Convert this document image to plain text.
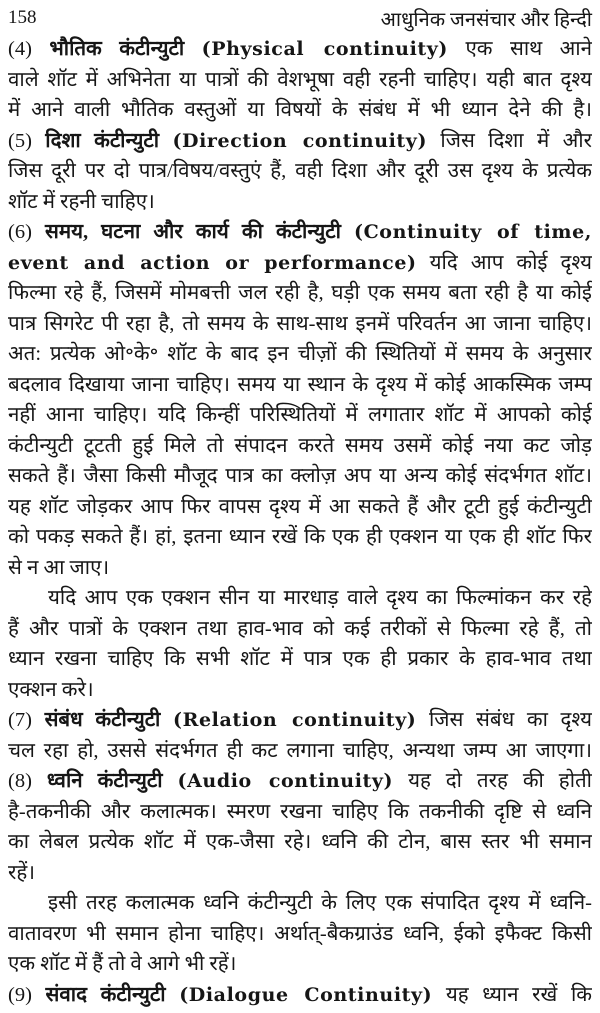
158	आधुनिक जनसंचार और हिन्दी
(4) भौतिक कंटीन्युटी (Physical continuity) एक साथ आने
वाले शॉट में अभिनेता या पात्रों की वेशभूषा वही रहनी चाहिए। यही बात दृश्य
में आने वाली भौतिक वस्तुओं या विषयों के संबंध में भी ध्यान देने की है।
(5) दिशा कंटीन्युटी (Direction continuity) जिस दिशा में और
जिस दूरी पर दो पात्र/विषय/वस्तुएं हैं, वही दिशा और दूरी उस दृश्य के प्रत्येक
शॉट में रहनी चाहिए।
(6) समय, घटना और कार्य की कंटीन्युटी (Continuity of time,
event and action or performance) यदि आप कोई दृश्य
फिल्मा रहे हैं, जिसमें मोमबत्ती जल रही है, घड़ी एक समय बता रही है या कोई
पात्र सिगरेट पी रहा है, तो समय के साथ-साथ इनमें परिवर्तन आ जाना चाहिए।
अत: प्रत्येक ओ॰के॰ शॉट के बाद इन चीज़ों की स्थितियों में समय के अनुसार
बदलाव दिखाया जाना चाहिए। समय या स्थान के दृश्य में कोई आकस्मिक जम्प
नहीं आना चाहिए। यदि किन्हीं परिस्थितियों में लगातार शॉट में आपको कोई
कंटीन्युटी टूटती हुई मिले तो संपादन करते समय उसमें कोई नया कट जोड़
सकते हैं। जैसा किसी मौजूद पात्र का क्लोज़ अप या अन्य कोई संदर्भगत शॉट।
यह शॉट जोड़कर आप फिर वापस दृश्य में आ सकते हैं और टूटी हुई कंटीन्युटी
को पकड़ सकते हैं। हां, इतना ध्यान रखें कि एक ही एक्शन या एक ही शॉट फिर
से न आ जाए।
यदि आप एक एक्शन सीन या मारधाड़ वाले दृश्य का फिल्मांकन कर रहे
हैं और पात्रों के एक्शन तथा हाव-भाव को कई तरीकों से फिल्मा रहे हैं, तो
ध्यान रखना चाहिए कि सभी शॉट में पात्र एक ही प्रकार के हाव-भाव तथा
एक्शन करे।
(7) संबंध कंटीन्युटी (Relation continuity) जिस संबंध का दृश्य
चल रहा हो, उससे संदर्भगत ही कट लगाना चाहिए, अन्यथा जम्प आ जाएगा।
(8) ध्वनि कंटीन्युटी (Audio continuity) यह दो तरह की होती
है-तकनीकी और कलात्मक। स्मरण रखना चाहिए कि तकनीकी दृष्टि से ध्वनि
का लेबल प्रत्येक शॉट में एक-जैसा रहे। ध्वनि की टोन, बास स्तर भी समान
रहें।
इसी तरह कलात्मक ध्वनि कंटीन्युटी के लिए एक संपादित दृश्य में ध्वनि-
वातावरण भी समान होना चाहिए। अर्थात्-बैकग्राउंड ध्वनि, ईको इफैक्ट किसी
एक शॉट में हैं तो वे आगे भी रहें।
(9) संवाद कंटीन्युटी (Dialogue Continuity) यह ध्यान रखें कि
